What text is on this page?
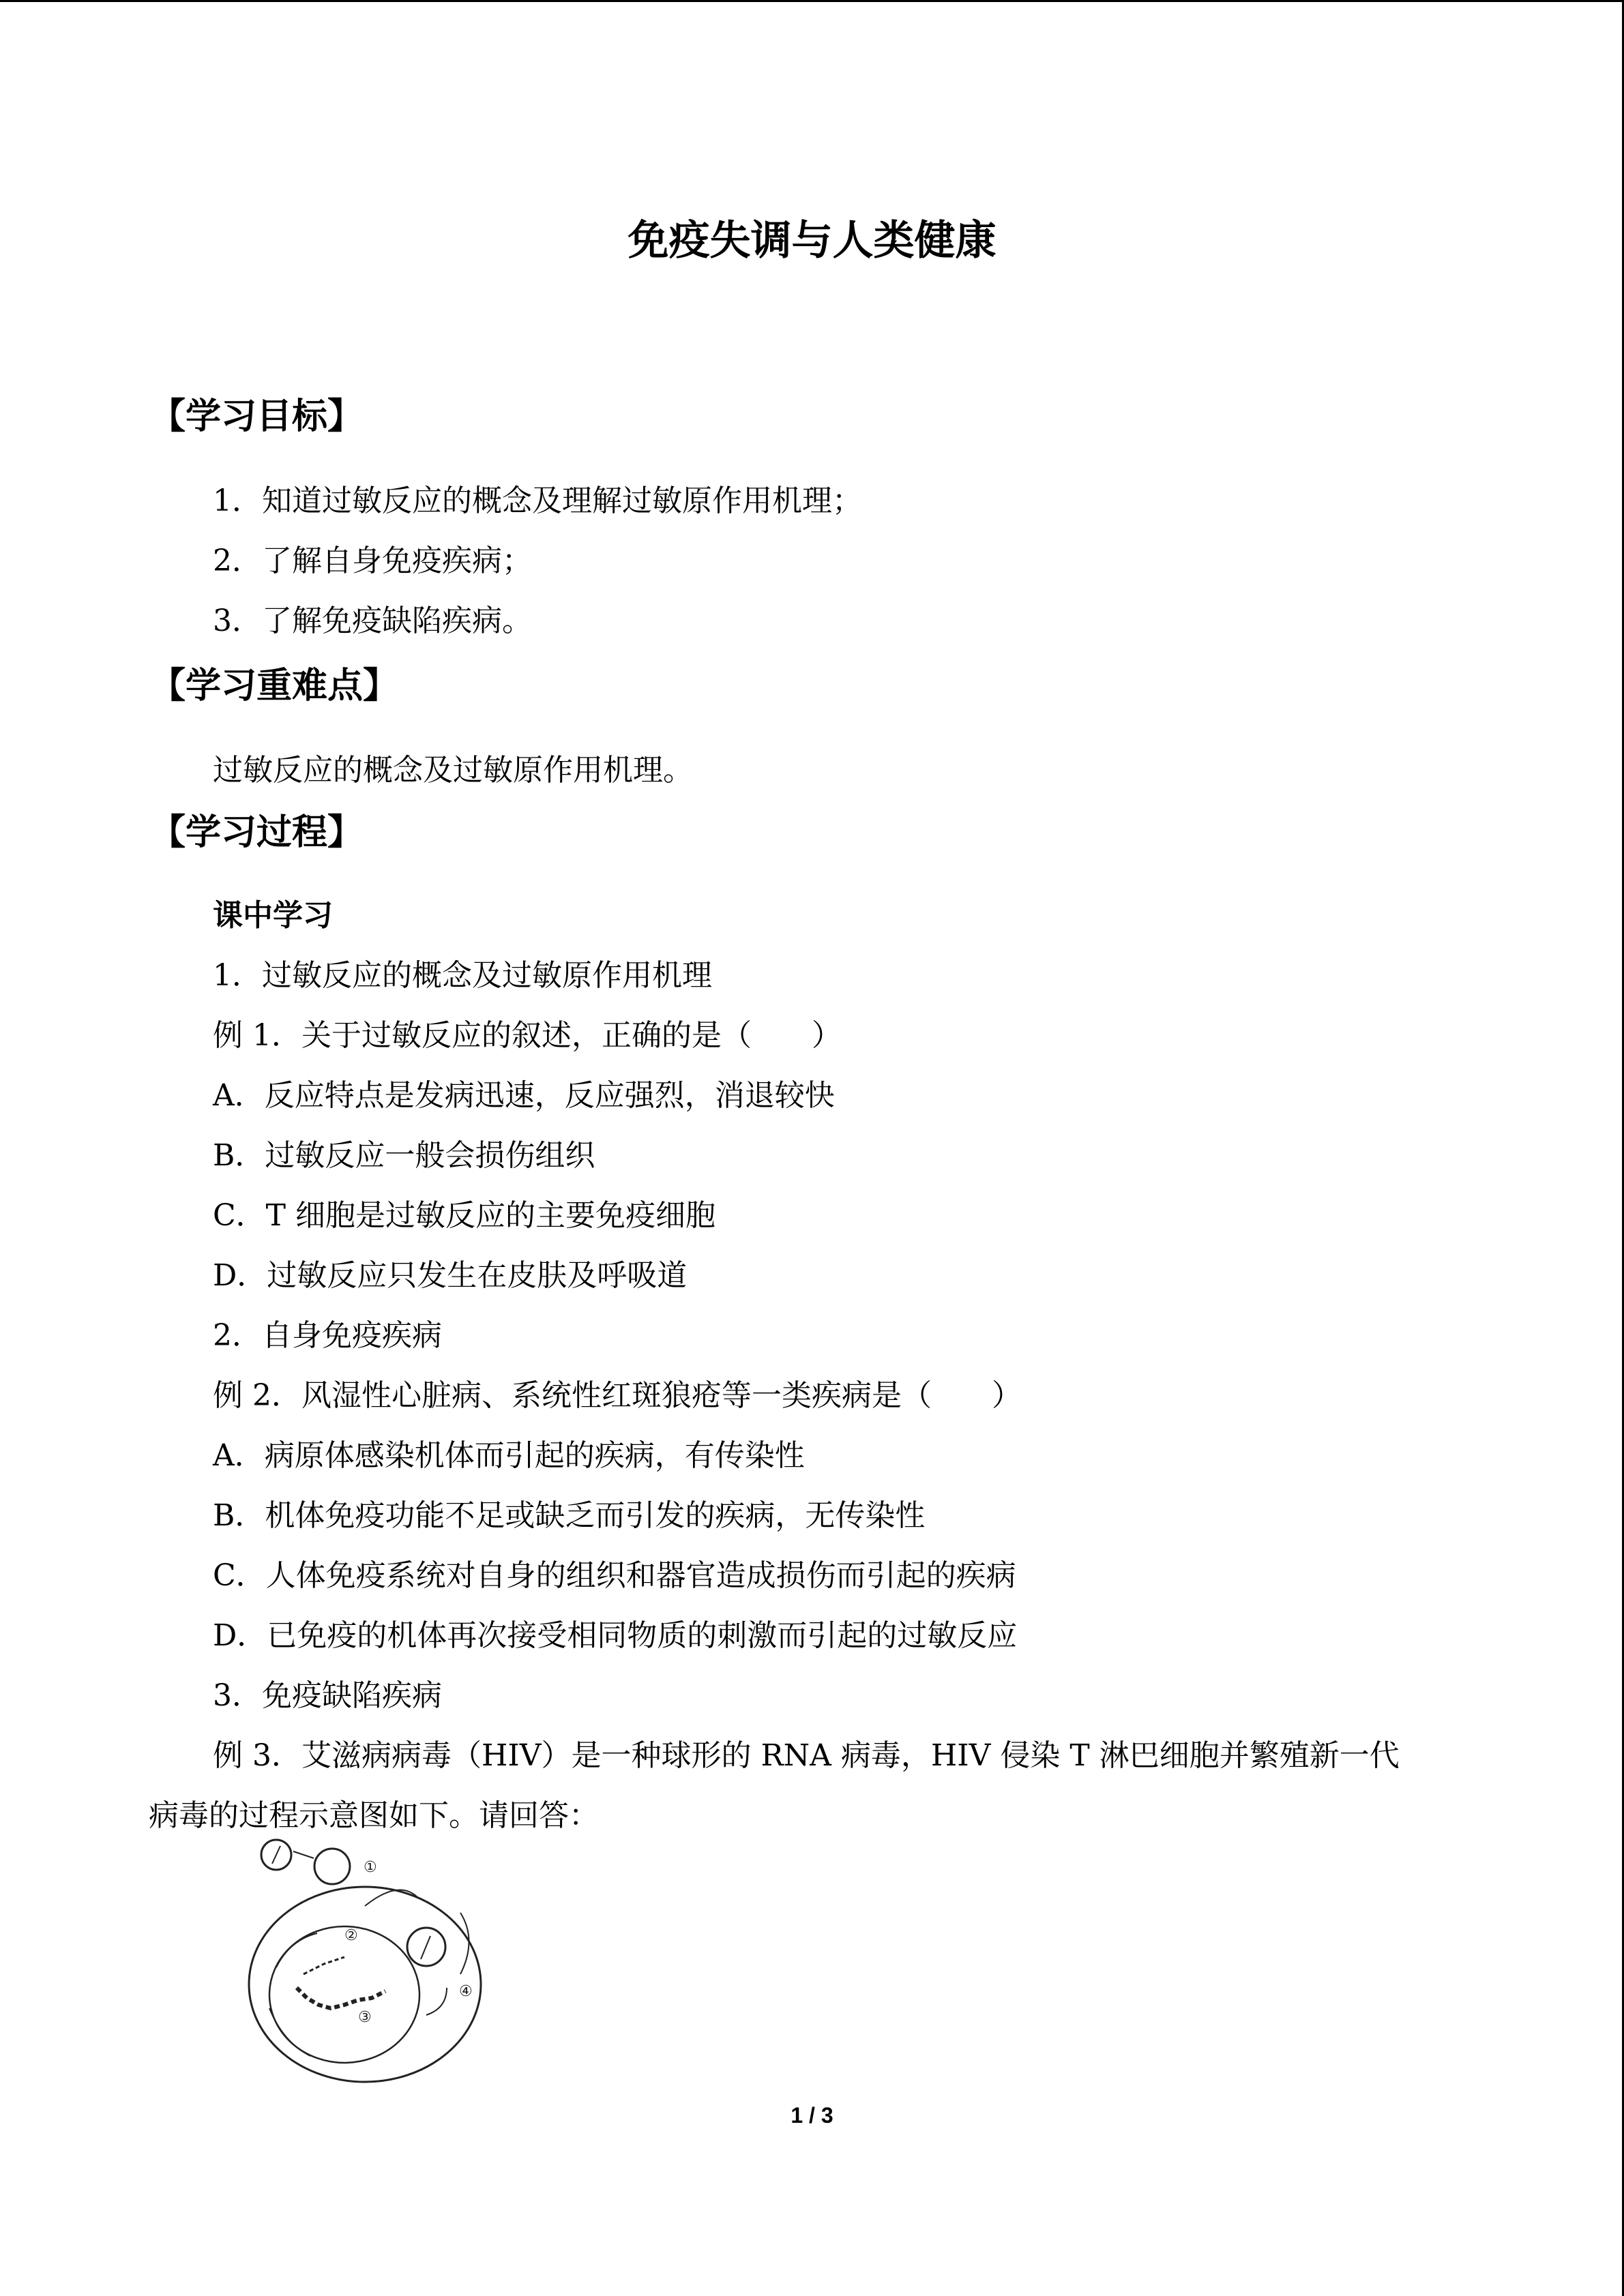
免疫失调与人类健康
【学习目标】
1．知道过敏反应的概念及理解过敏原作用机理；
2．了解自身免疫疾病；
3．了解免疫缺陷疾病。
【学习重难点】
过敏反应的概念及过敏原作用机理。
【学习过程】
课中学习
1．过敏反应的概念及过敏原作用机理
例 1．关于过敏反应的叙述，正确的是（　　）
A．反应特点是发病迅速，反应强烈，消退较快
B．过敏反应一般会损伤组织
C．T 细胞是过敏反应的主要免疫细胞
D．过敏反应只发生在皮肤及呼吸道
2．自身免疫疾病
例 2．风湿性心脏病、系统性红斑狼疮等一类疾病是（　　）
A．病原体感染机体而引起的疾病，有传染性
B．机体免疫功能不足或缺乏而引发的疾病，无传染性
C．人体免疫系统对自身的组织和器官造成损伤而引起的疾病
D．已免疫的机体再次接受相同物质的刺激而引起的过敏反应
3．免疫缺陷疾病
例 3．艾滋病病毒（HIV）是一种球形的 RNA 病毒，HIV 侵染 T 淋巴细胞并繁殖新一代
病毒的过程示意图如下。请回答：
①
②
③
④
1 / 3
